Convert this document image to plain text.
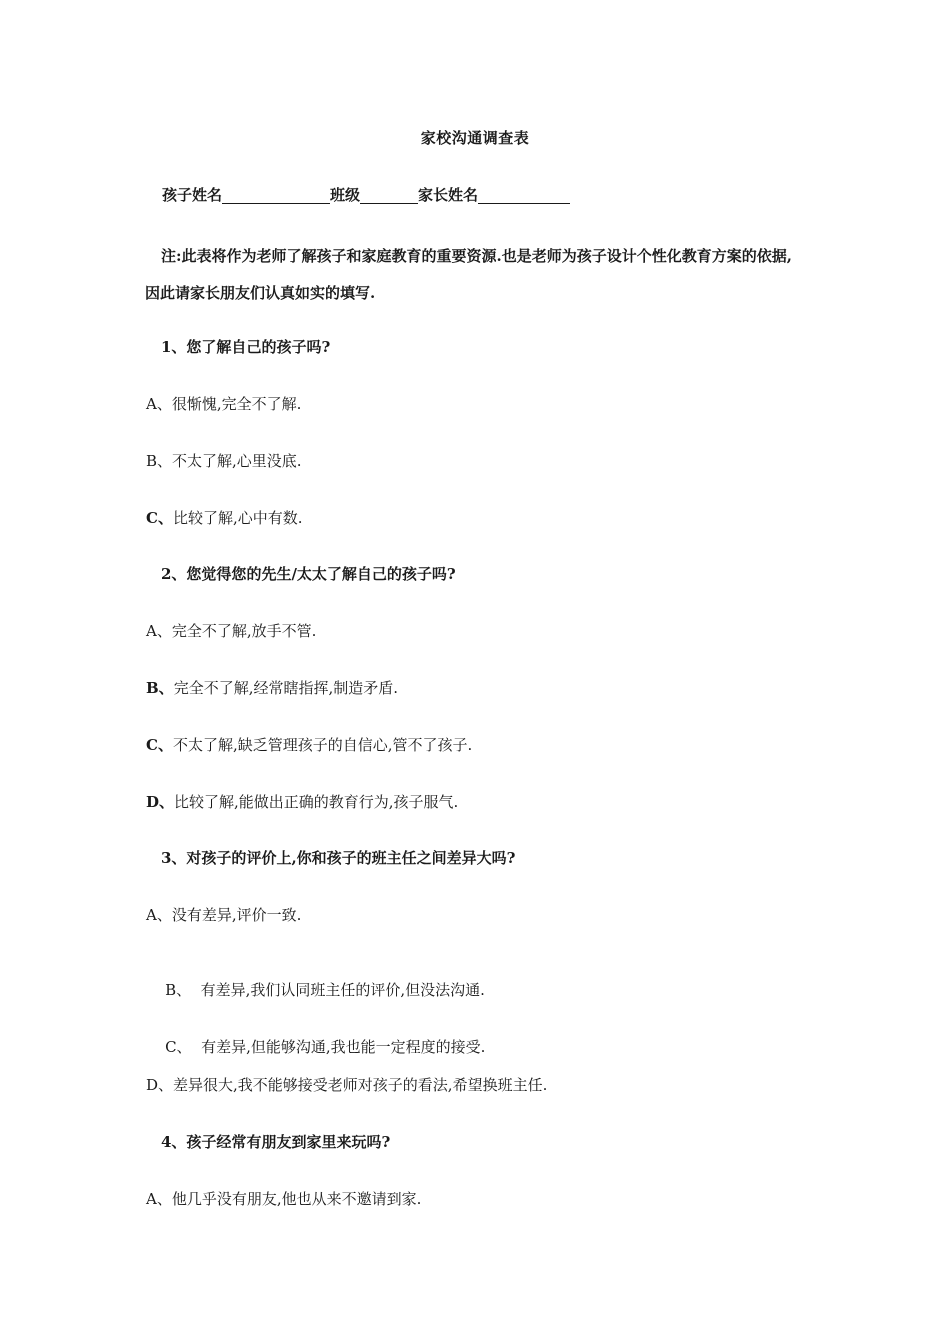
家校沟通调查表
孩子姓名	班级	家长姓名
注:此表将作为老师了解孩子和家庭教育的重要资源.也是老师为孩子设计个性化教育方案的依据,因此请家长朋友们认真如实的填写.
1、您了解自己的孩子吗?
A、很惭愧,完全不了解.
B、不太了解,心里没底.
C、比较了解,心中有数.
2、您觉得您的先生/太太了解自己的孩子吗?
A、完全不了解,放手不管.
B、完全不了解,经常瞎指挥,制造矛盾.
C、不太了解,缺乏管理孩子的自信心,管不了孩子.
D、比较了解,能做出正确的教育行为,孩子服气.
3、对孩子的评价上,你和孩子的班主任之间差异大吗?
A、没有差异,评价一致.

B、  有差异,我们认同班主任的评价,但没法沟通.

C、  有差异,但能够沟通,我也能一定程度的接受.

D、差异很大,我不能够接受老师对孩子的看法,希望换班主任.
4、孩子经常有朋友到家里来玩吗?
A、他几乎没有朋友,他也从来不邀请到家.
